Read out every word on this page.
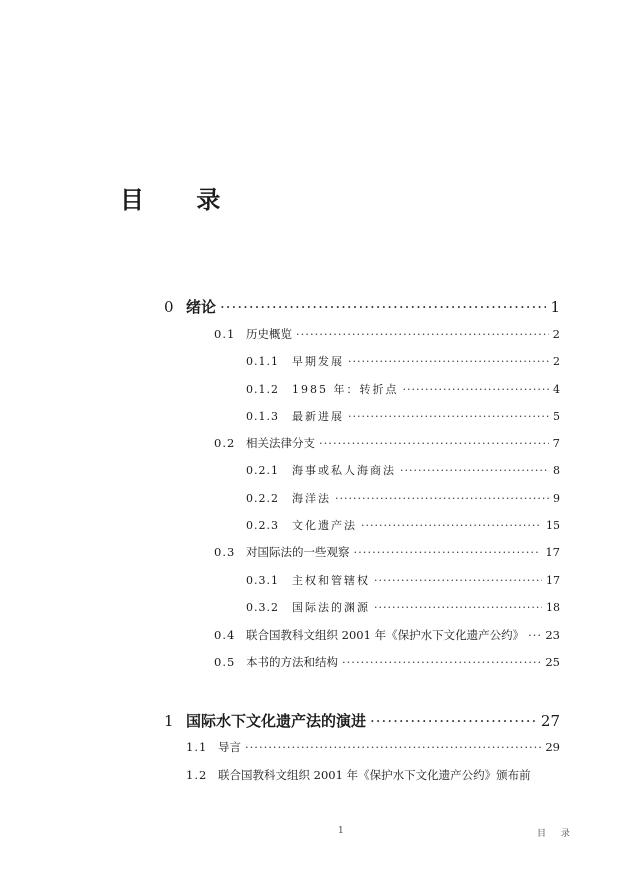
目 录
0 绪论 ·····	1
0.1 历史概览 ·····	2
0.1.1	早期发展 ·····	2
0.1.2	1985 年：转折点 ·····	4
0.1.3	最新进展 ·····	5
0.2 相关法律分支 ·····	7
0.2.1	海事或私人海商法 ·····	8
0.2.2	海洋法 ·····	9
0.2.3	文化遗产法 ·····	15
0.3 对国际法的一些观察 ·····	17
0.3.1	主权和管辖权 ·····	17
0.3.2	国际法的渊源 ·····	18
0.4 联合国教科文组织 2001 年《保护水下文化遗产公约》 ····· 23
0.5 本书的方法和结构 ·····	25
1 国际水下文化遗产法的演进 ·····	27
1.1 导言 ·····	29
1.2 联合国教科文组织 2001 年《保护水下文化遗产公约》颁布前
1	目 录
